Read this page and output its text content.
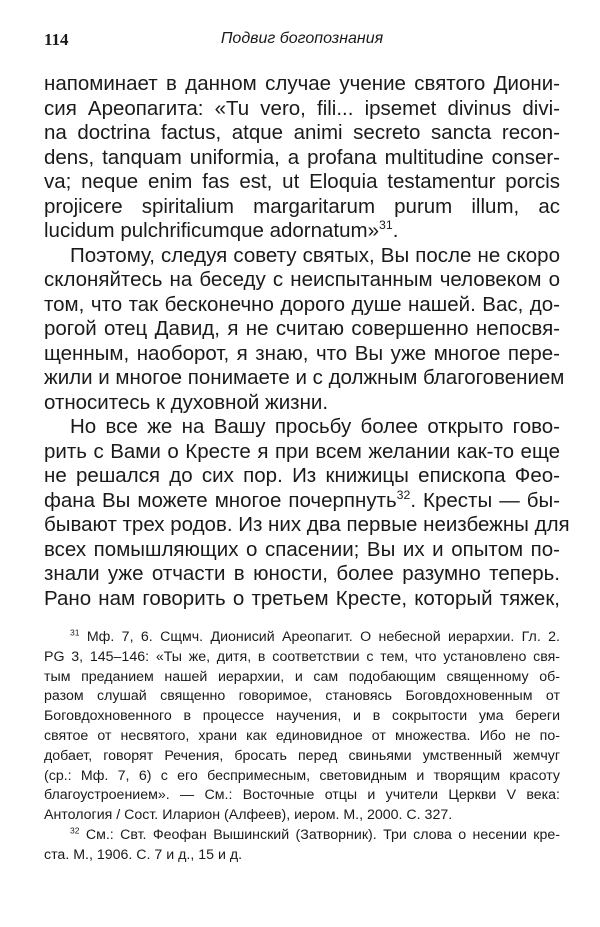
114	Подвиг богопознания
напоминает в данном случае учение святого Диони-
сия Ареопагита: «Tu vero, fili... ipsemet divinus divi-
na doctrina factus, atque animi secreto sancta recon-
dens, tanquam uniformia, a profana multitudine conser-
va; neque enim fas est, ut Eloquia testamentur porcis
projicere spiritalium margaritarum purum illum, ac
lucidum pulchrificumque adornatum»$^{31}$.
Поэтому, следуя совету святых, Вы после не скоро
склоняйтесь на беседу с неиспытанным человеком о
том, что так бесконечно дорого душе нашей. Вас, до-
рогой отец Давид, я не считаю совершенно непосвя-
щенным, наоборот, я знаю, что Вы уже многое пере-
жили и многое понимаете и с должным благоговением
относитесь к духовной жизни.
Но все же на Вашу просьбу более открыто гово-
рить с Вами о Кресте я при всем желании как-то еще
не решался до сих пор. Из книжицы епископа Фео-
фана Вы можете многое почерпнуть$^{32}$. Кресты — бы-
бывают трех родов. Из них два первые неизбежны для
всех помышляющих о спасении; Вы их и опытом по-
знали уже отчасти в юности, более разумно теперь.
Рано нам говорить о третьем Кресте, который тяжек,
$^{31}$ Мф. 7, 6. Сщмч. Дионисий Ареопагит. О небесной иерархии. Гл. 2.
PG 3, 145–146: «Ты же, дитя, в соответствии с тем, что установлено свя-
тым преданием нашей иерархии, и сам подобающим священному об-
разом слушай священно говоримое, становясь Боговдохновенным от
Боговдохновенного в процессе научения, и в сокрытости ума береги
святое от несвятого, храни как единовидное от множества. Ибо не по-
добает, говорят Речения, бросать перед свиньями умственный жемчуг
(ср.: Мф. 7, 6) с его беспримесным, световидным и творящим красоту
благоустроением». — См.: Восточные отцы и учители Церкви V века:
Антология / Сост. Иларион (Алфеев), иером. М., 2000. С. 327.
$^{32}$ См.: Свт. Феофан Вышинский (Затворник). Три слова о несении кре-
ста. М., 1906. С. 7 и д., 15 и д.
